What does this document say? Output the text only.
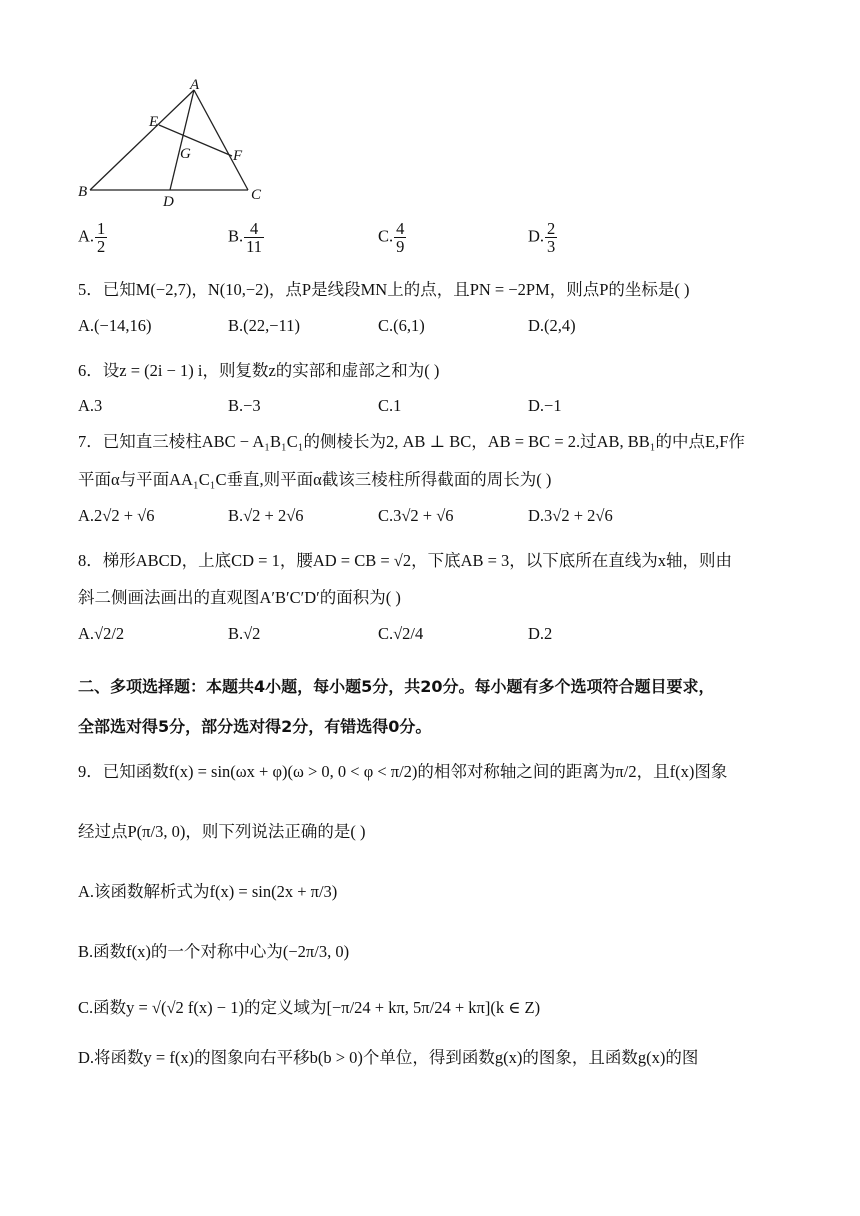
A
E
G	F
B
D	C
A. $\frac{1}{2}$	B. $\frac{4}{11}$	C. $\frac{4}{9}$	D. $\frac{2}{3}$
5．已知M(−2,7)，N(10,−2)，点P是线段MN上的点，且PN = −2PM，则点P的坐标是( )
A.(−14,16)	B.(22,−11)	C.(6,1)	D.(2,4)
6．设z = (2i − 1) i，则复数z的实部和虚部之和为( )
A.3	B.−3	C.1	D.−1
7．已知直三棱柱ABC − A₁B₁C₁的侧棱长为2, AB ⊥ BC，AB = BC = 2.过AB, BB₁的中点E,F作
平面α与平面AA₁C₁C垂直,则平面α截该三棱柱所得截面的周长为( )
A.2√2 + √6	B.√2 + 2√6	C.3√2 + √6	D.3√2 + 2√6
8．梯形ABCD，上底CD = 1，腰AD = CB = √2，下底AB = 3，以下底所在直线为x轴，则由
斜二侧画法画出的直观图A′B′C′D′的面积为( )
A.√2/2	B.√2	C.√2/4	D.2
二、多项选择题：本题共4小题，每小题5分，共20分。每小题有多个选项符合题目要求，
全部选对得5分，部分选对得2分，有错选得0分。
9．已知函数f(x) = sin(ωx + φ)(ω > 0, 0 < φ < π/2)的相邻对称轴之间的距离为π/2，且f(x)图象
经过点P(π/3, 0)，则下列说法正确的是( )
A.该函数解析式为f(x) = sin(2x + π/3)
B.函数f(x)的一个对称中心为(−2π/3, 0)
C.函数y = √(√2 f(x) − 1)的定义域为[−π/24 + kπ, 5π/24 + kπ](k ∈ Z)
D.将函数y = f(x)的图象向右平移b(b > 0)个单位，得到函数g(x)的图象，且函数g(x)的图
